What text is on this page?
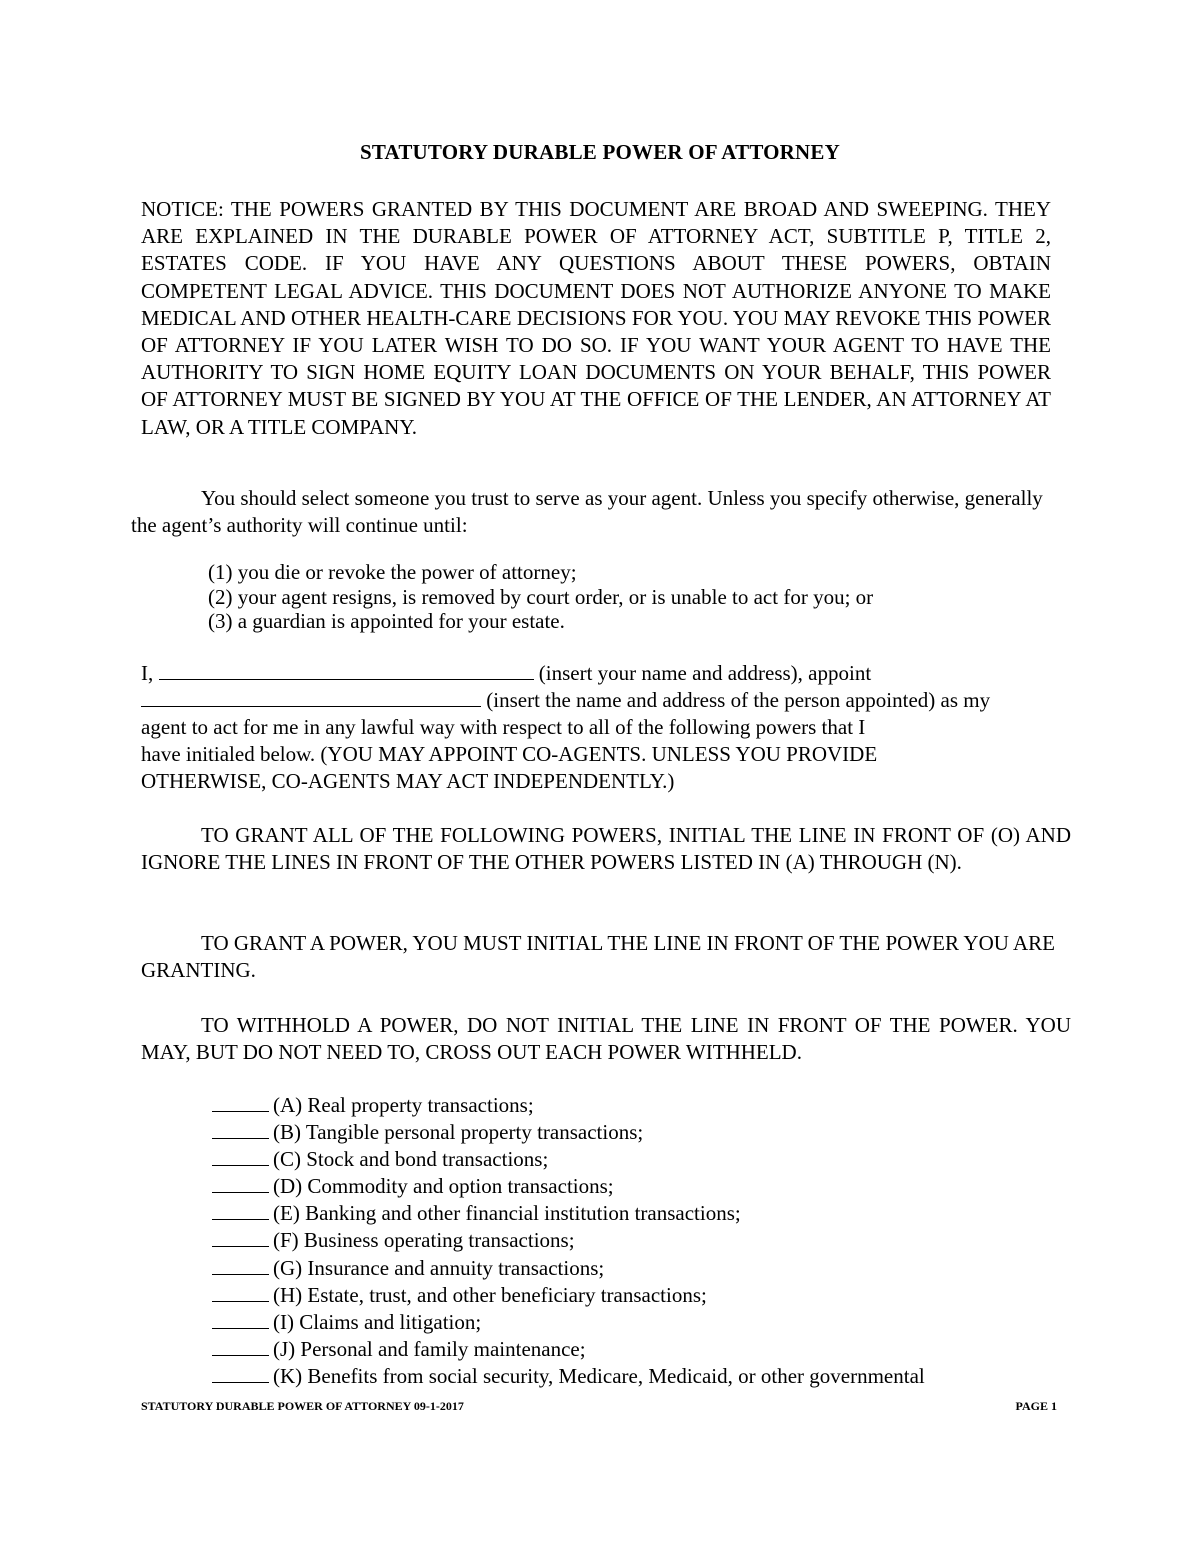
STATUTORY DURABLE POWER OF ATTORNEY
NOTICE: THE POWERS GRANTED BY THIS DOCUMENT ARE BROAD AND SWEEPING. THEY ARE EXPLAINED IN THE DURABLE POWER OF ATTORNEY ACT, SUBTITLE P, TITLE 2, ESTATES CODE. IF YOU HAVE ANY QUESTIONS ABOUT THESE POWERS, OBTAIN COMPETENT LEGAL ADVICE. THIS DOCUMENT DOES NOT AUTHORIZE ANYONE TO MAKE MEDICAL AND OTHER HEALTH-CARE DECISIONS FOR YOU. YOU MAY REVOKE THIS POWER OF ATTORNEY IF YOU LATER WISH TO DO SO. IF YOU WANT YOUR AGENT TO HAVE THE AUTHORITY TO SIGN HOME EQUITY LOAN DOCUMENTS ON YOUR BEHALF, THIS POWER OF ATTORNEY MUST BE SIGNED BY YOU AT THE OFFICE OF THE LENDER, AN ATTORNEY AT LAW, OR A TITLE COMPANY.
You should select someone you trust to serve as your agent. Unless you specify otherwise, generally the agent’s authority will continue until:
(1) you die or revoke the power of attorney;
(2) your agent resigns, is removed by court order, or is unable to act for you; or
(3) a guardian is appointed for your estate.
I,	(insert your name and address), appoint
(insert the name and address of the person appointed) as my
agent to act for me in any lawful way with respect to all of the following powers that I
have initialed below. (YOU MAY APPOINT CO-AGENTS. UNLESS YOU PROVIDE
OTHERWISE, CO-AGENTS MAY ACT INDEPENDENTLY.)
TO GRANT ALL OF THE FOLLOWING POWERS, INITIAL THE LINE IN FRONT OF (O) AND IGNORE THE LINES IN FRONT OF THE OTHER POWERS LISTED IN (A) THROUGH (N).
TO GRANT A POWER, YOU MUST INITIAL THE LINE IN FRONT OF THE POWER YOU ARE GRANTING.
TO WITHHOLD A POWER, DO NOT INITIAL THE LINE IN FRONT OF THE POWER. YOU MAY, BUT DO NOT NEED TO, CROSS OUT EACH POWER WITHHELD.
(A) Real property transactions;
(B) Tangible personal property transactions;
(C) Stock and bond transactions;
(D) Commodity and option transactions;
(E) Banking and other financial institution transactions;
(F) Business operating transactions;
(G) Insurance and annuity transactions;
(H) Estate, trust, and other beneficiary transactions;
(I) Claims and litigation;
(J) Personal and family maintenance;
(K) Benefits from social security, Medicare, Medicaid, or other governmental
STATUTORY DURABLE POWER OF ATTORNEY 09-1-2017	PAGE 1
